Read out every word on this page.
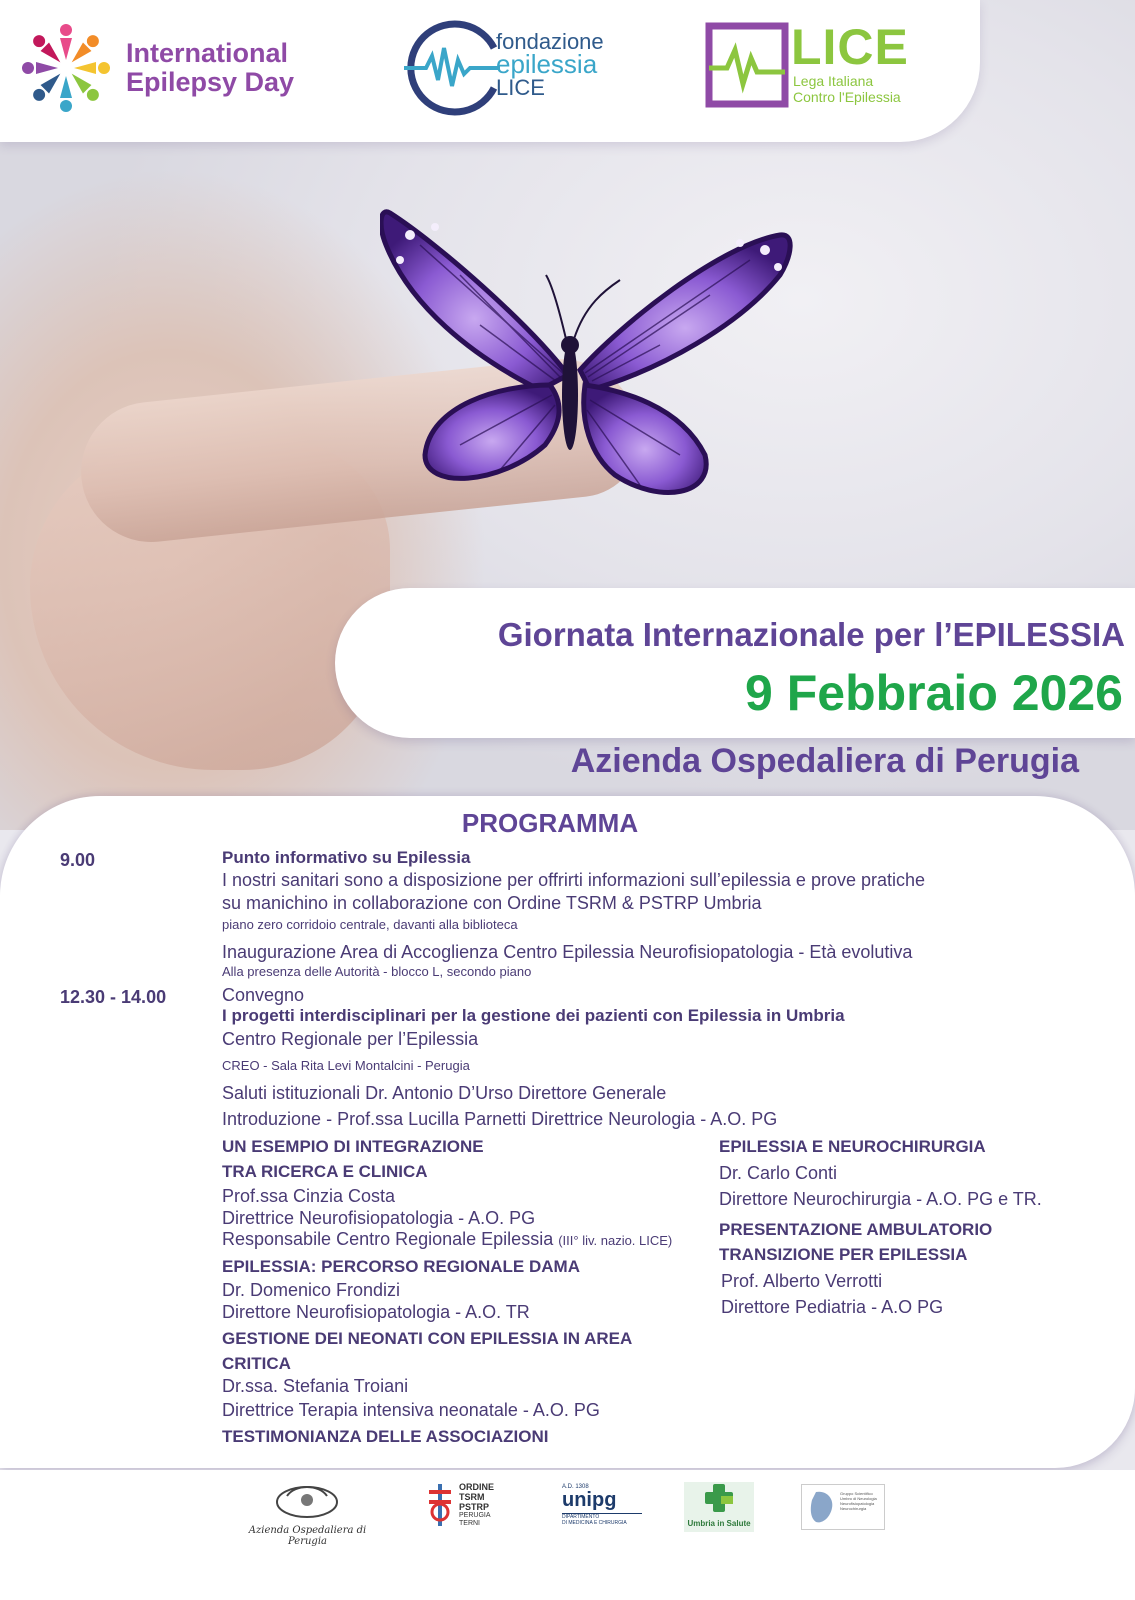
International
Epilepsy Day
fondazione
epilessia
LICE
LICE
Lega Italiana
Contro l'Epilessia
Giornata Internazionale per l’EPILESSIA
9 Febbraio 2026
Azienda Ospedaliera di Perugia
PROGRAMMA
9.00	Punto informativo su Epilessia
I nostri sanitari sono a disposizione per offrirti informazioni sull’epilessia e prove pratiche
su manichino in collaborazione con Ordine TSRM & PSTRP Umbria
piano zero corridoio centrale, davanti alla biblioteca
Inaugurazione Area di Accoglienza Centro Epilessia Neurofisiopatologia - Età evolutiva
Alla presenza delle Autorità - blocco L, secondo piano
12.30 - 14.00	Convegno
I progetti interdisciplinari per la gestione dei pazienti con Epilessia in Umbria
Centro Regionale per l’Epilessia
CREO - Sala Rita Levi Montalcini - Perugia
Saluti istituzionali Dr. Antonio D’Urso Direttore Generale
Introduzione - Prof.ssa Lucilla Parnetti Direttrice Neurologia - A.O. PG
UN ESEMPIO DI INTEGRAZIONE
TRA RICERCA E CLINICA
Prof.ssa Cinzia Costa
Direttrice Neurofisiopatologia - A.O. PG
Responsabile Centro Regionale Epilessia (III° liv. nazio. LICE)
EPILESSIA: PERCORSO REGIONALE DAMA
Dr. Domenico Frondizi
Direttore Neurofisiopatologia - A.O. TR
GESTIONE DEI NEONATI CON EPILESSIA IN AREA
CRITICA
Dr.ssa. Stefania Troiani
Direttrice Terapia intensiva neonatale - A.O. PG
TESTIMONIANZA DELLE ASSOCIAZIONI
EPILESSIA E NEUROCHIRURGIA
Dr. Carlo Conti
Direttore Neurochirurgia - A.O. PG e TR.
PRESENTAZIONE AMBULATORIO
TRANSIZIONE PER EPILESSIA
Prof. Alberto Verrotti
Direttore Pediatria - A.O PG
Azienda Ospedaliera di Perugia
ORDINE
TSRM
PSTRP
PERUGIA
TERNI
A.D. 1308
unipg
DIPARTIMENTO
DI MEDICINA E CHIRURGIA	Umbria in Salute
Gruppo Scientifico Umbro di Neurologia Neurofisiopatologia Neurochirurgia
